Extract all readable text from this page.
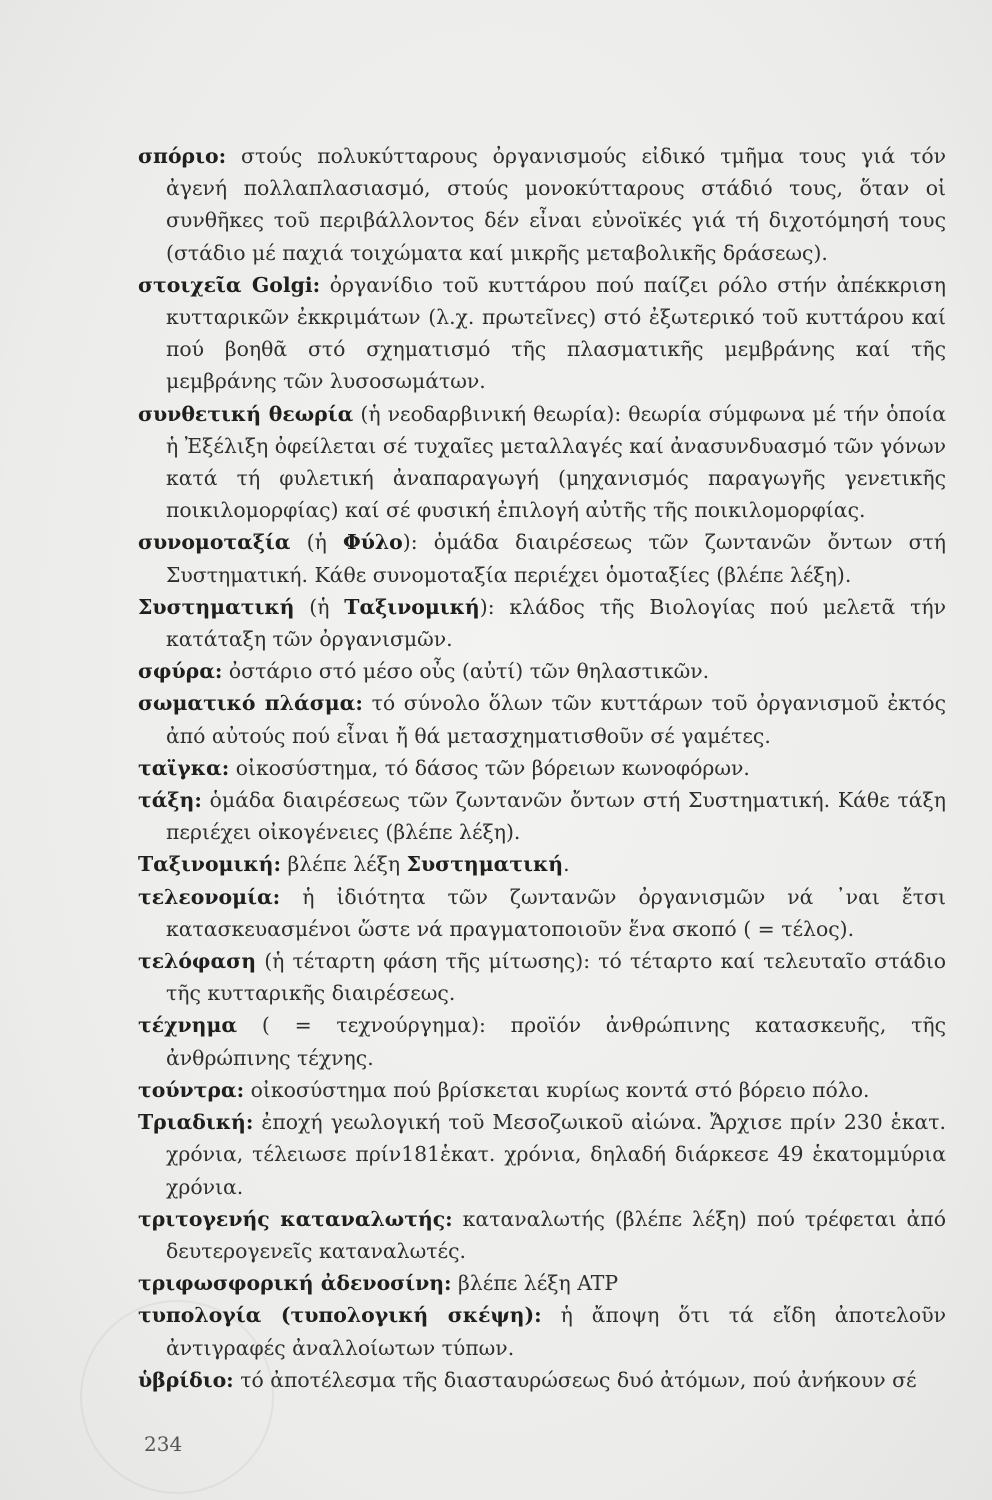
σπόριο: στούς πολυκύτταρους ὀργανισμούς εἰδικό τμῆμα τους γιά τόν ἀγενή πολλαπλασιασμό, στούς μονοκύτταρους στάδιό τους, ὅταν οἱ συνθῆκες τοῦ περιβάλλοντος δέν εἶναι εὐνοϊκές γιά τή διχοτόμησή τους (στάδιο μέ παχιά τοιχώματα καί μικρῆς μεταβολικῆς δράσεως).

στοιχεῖα Golgi: ὀργανίδιο τοῦ κυττάρου πού παίζει ρόλο στήν ἀπέκκριση κυτταρικῶν ἐκκριμάτων (λ.χ. πρωτεῖνες) στό ἐξωτερικό τοῦ κυττάρου καί πού βοηθᾶ στό σχηματισμό τῆς πλασματικῆς μεμβράνης καί τῆς μεμβράνης τῶν λυσοσωμάτων.

συνθετική θεωρία (ἡ νεοδαρβινική θεωρία): θεωρία σύμφωνα μέ τήν ὁποία ἡ Ἐξέλιξη ὀφείλεται σέ τυχαῖες μεταλλαγές καί ἀνασυνδυασμό τῶν γόνων κατά τή φυλετική ἀναπαραγωγή (μηχανισμός παραγωγῆς γενετικῆς ποικιλομορφίας) καί σέ φυσική ἐπιλογή αὐτῆς τῆς ποικιλομορφίας.

συνομοταξία (ἡ Φύλο): ὁμάδα διαιρέσεως τῶν ζωντανῶν ὄντων στή Συστηματική. Κάθε συνομοταξία περιέχει ὁμοταξίες (βλέπε λέξη).

Συστηματική (ἡ Ταξινομική): κλάδος τῆς Βιολογίας πού μελετᾶ τήν κατάταξη τῶν ὀργανισμῶν.

σφύρα: ὀστάριο στό μέσο οὖς (αὐτί) τῶν θηλαστικῶν.

σωματικό πλάσμα: τό σύνολο ὅλων τῶν κυττάρων τοῦ ὀργανισμοῦ ἐκτός ἀπό αὐτούς πού εἶναι ἤ θά μετασχηματισθοῦν σέ γαμέτες.

ταϊγκα: οἰκοσύστημα, τό δάσος τῶν βόρειων κωνοφόρων.

τάξη: ὁμάδα διαιρέσεως τῶν ζωντανῶν ὄντων στή Συστηματική. Κάθε τάξη περιέχει οἰκογένειες (βλέπε λέξη).

Ταξινομική: βλέπε λέξη Συστηματική.

τελεονομία: ἡ ἰδιότητα τῶν ζωντανῶν ὀργανισμῶν νά ᾽ναι ἔτσι κατασκευασμένοι ὥστε νά πραγματοποιοῦν ἕνα σκοπό ( = τέλος).

τελόφαση (ἡ τέταρτη φάση τῆς μίτωσης): τό τέταρτο καί τελευταῖο στάδιο τῆς κυτταρικῆς διαιρέσεως.

τέχνημα ( = τεχνούργημα): προϊόν ἀνθρώπινης κατασκευῆς, τῆς ἀνθρώπινης τέχνης.

τούντρα: οἰκοσύστημα πού βρίσκεται κυρίως κοντά στό βόρειο πόλο.

Τριαδική: ἐποχή γεωλογική τοῦ Μεσοζωικοῦ αἰώνα. Ἄρχισε πρίν 230 ἑκατ. χρόνια, τέλειωσε πρίν181ἑκατ. χρόνια, δηλαδή διάρκεσε 49 ἑκατομμύρια χρόνια.

τριτογενής καταναλωτής: καταναλωτής (βλέπε λέξη) πού τρέφεται ἀπό δευτερογενεῖς καταναλωτές.

τριφωσφορική ἀδενοσίνη: βλέπε λέξη ATP

τυπολογία (τυπολογική σκέψη): ἡ ἄποψη ὅτι τά εἴδη ἀποτελοῦν ἀντιγραφές ἀναλλοίωτων τύπων.

ὑβρίδιο: τό ἀποτέλεσμα τῆς διασταυρώσεως δυό ἀτόμων, πού ἀνήκουν σέ

234
